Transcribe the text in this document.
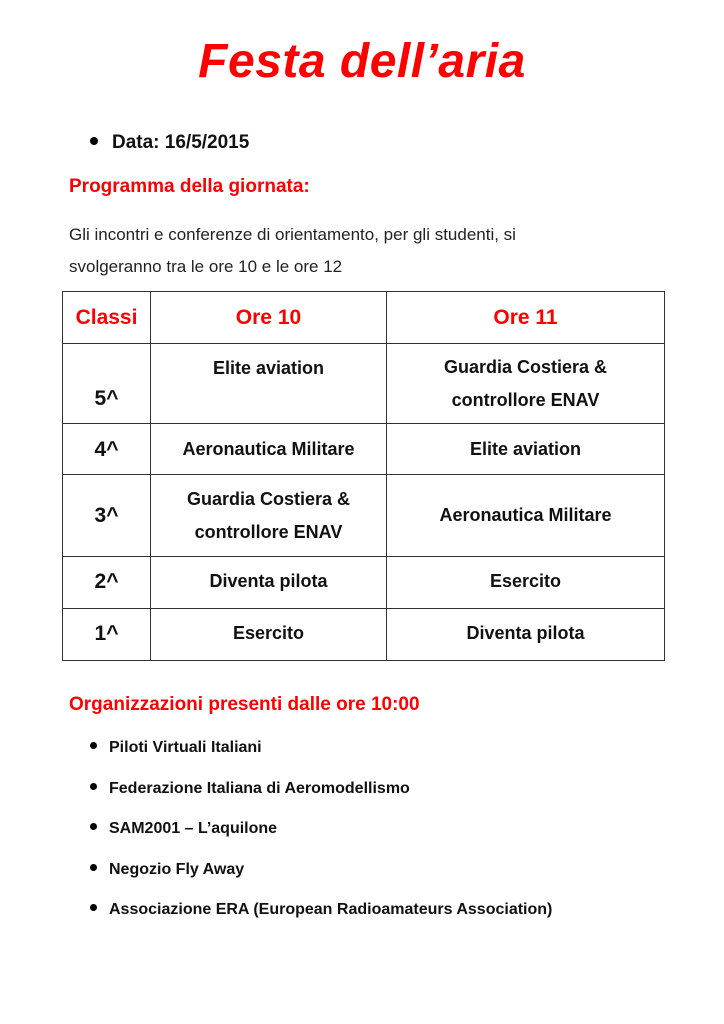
Festa dell’aria
Data: 16/5/2015
Programma della giornata:
Gli incontri e conferenze di orientamento, per gli studenti, si
svolgeranno tra le ore 10 e le ore 12
Classi	Ore 10	Ore 11
5^	Elite aviation	Guardia Costiera &
controllore ENAV

4^	Aeronautica Militare	Elite aviation
3^	Guardia Costiera &
controllore ENAV	Aeronautica Militare
2^	Diventa pilota	Esercito
1^	Esercito	Diventa pilota
Organizzazioni presenti dalle ore 10:00
Piloti Virtuali Italiani
Federazione Italiana di Aeromodellismo
SAM2001 – L’aquilone
Negozio Fly Away
Associazione ERA (European Radioamateurs Association)
